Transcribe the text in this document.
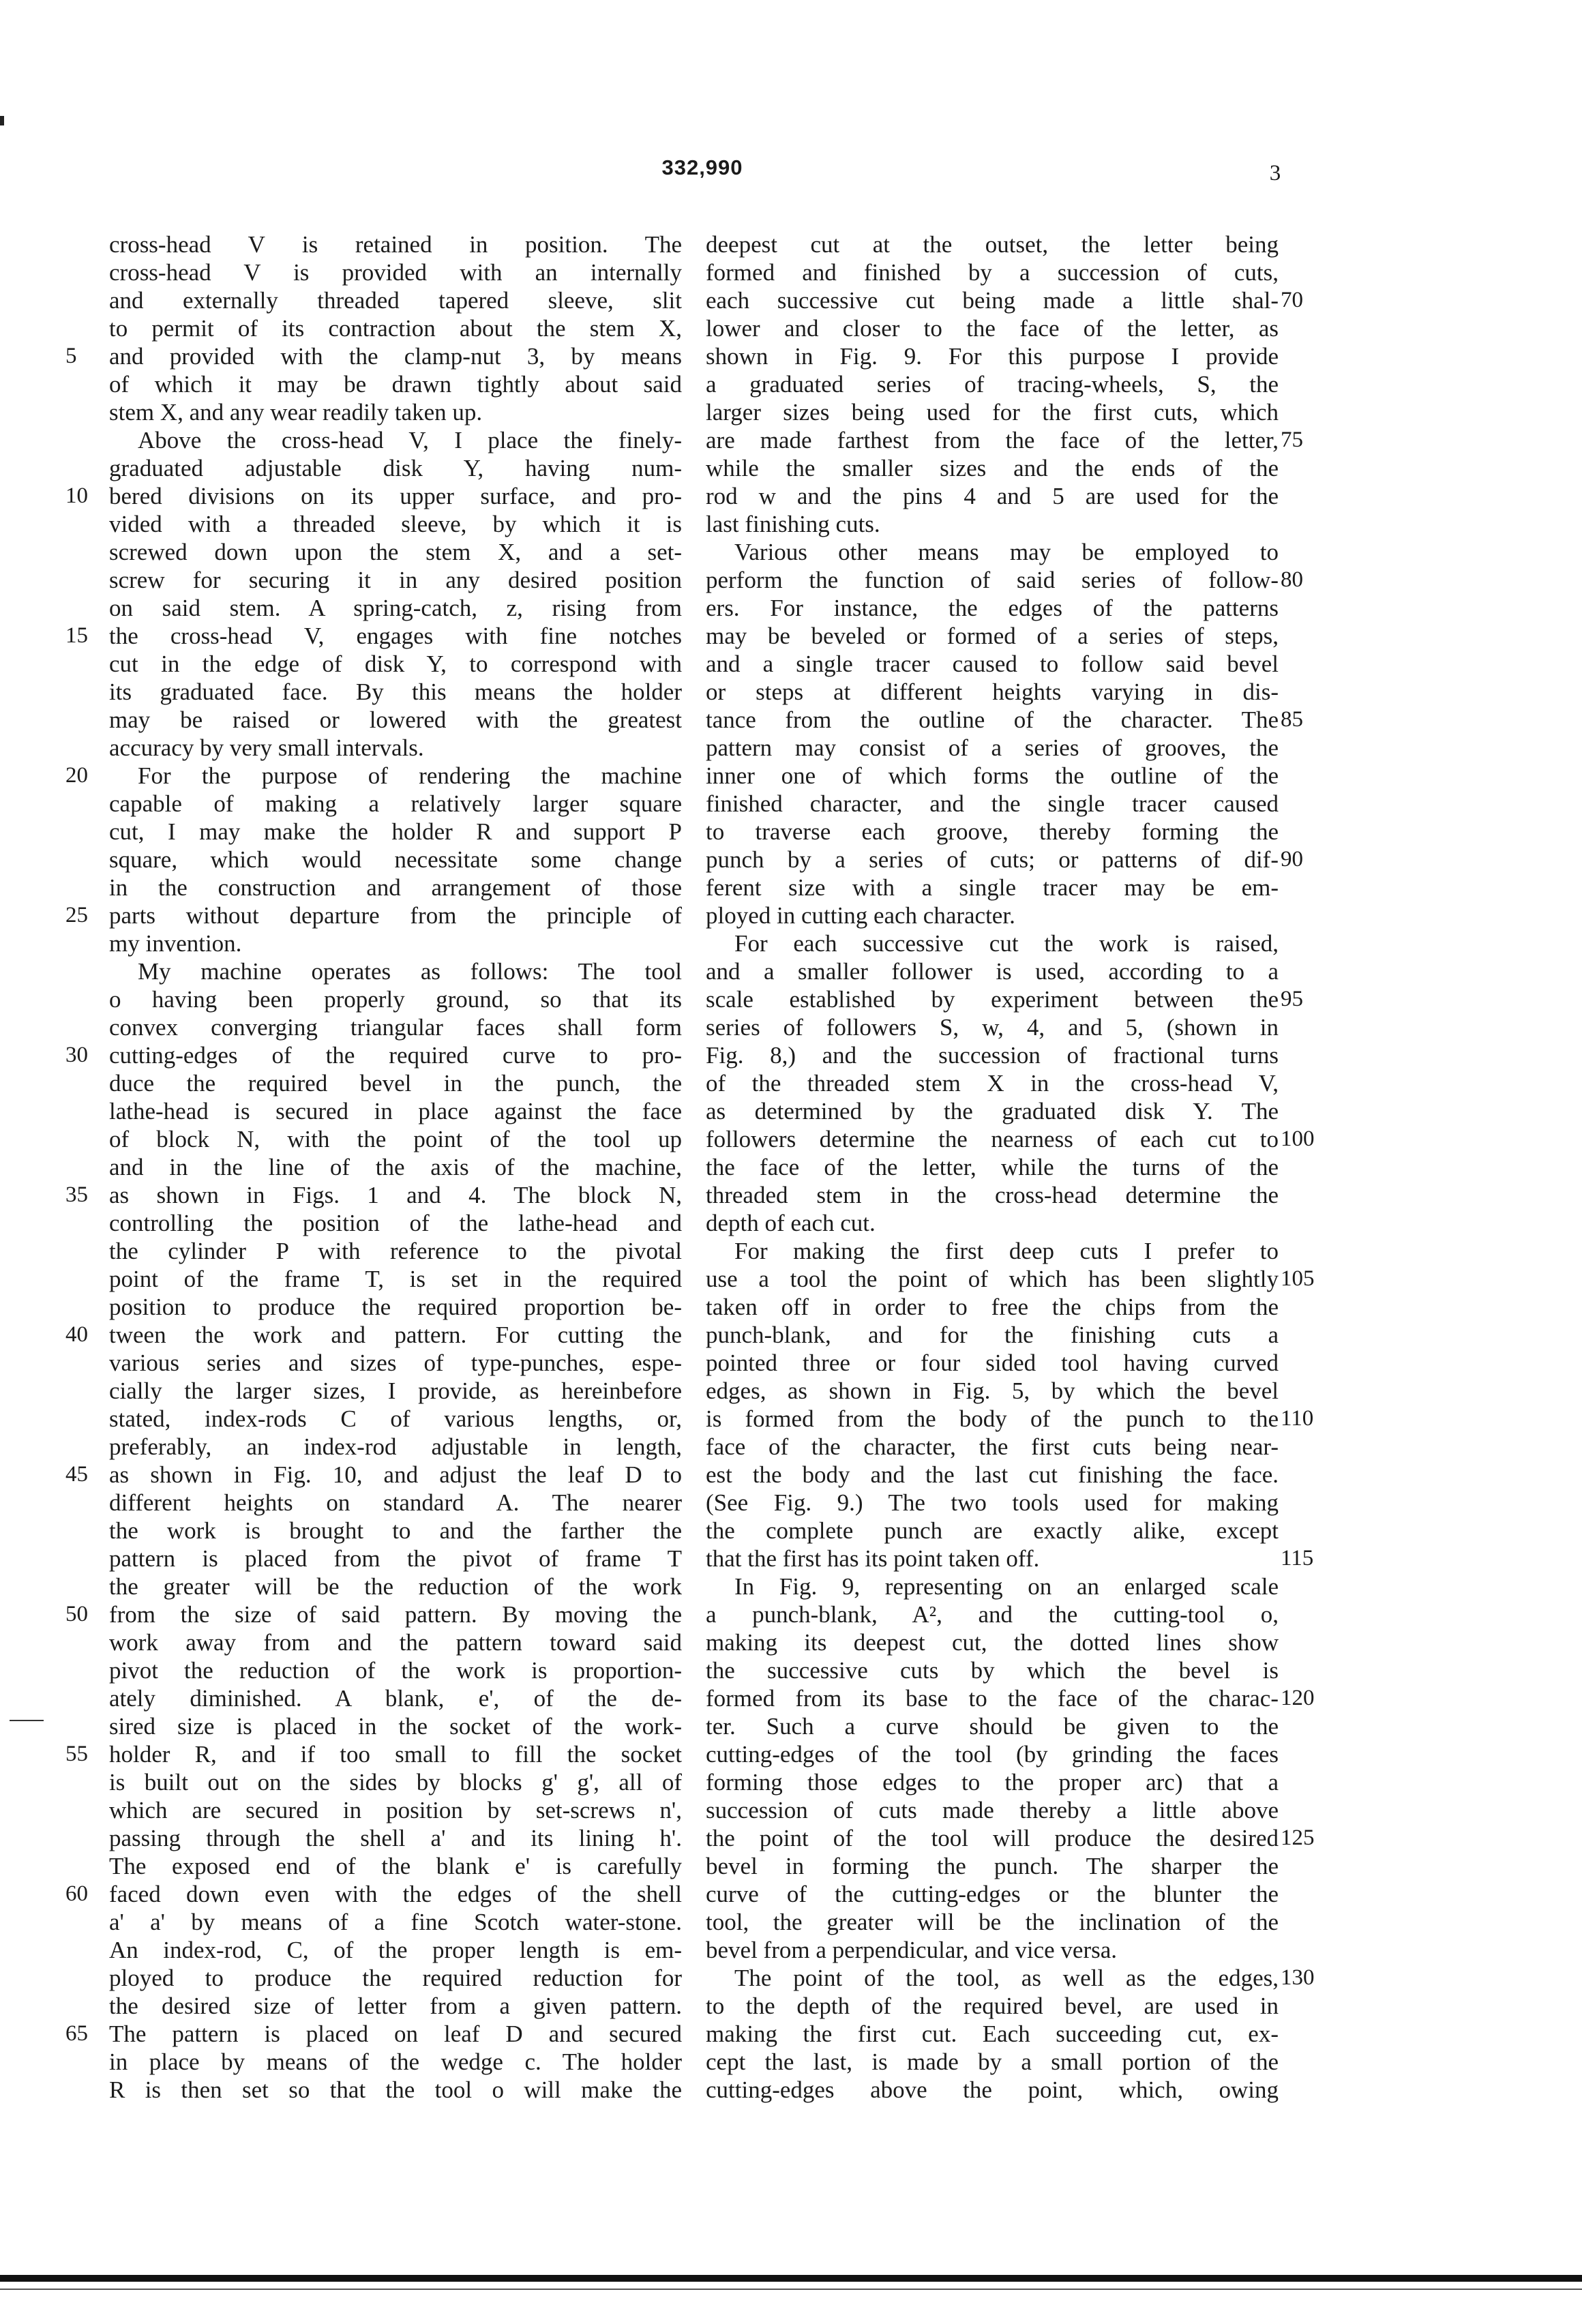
332,990	3
cross-head V is retained in position. The
cross-head V is provided with an internally
and externally threaded tapered sleeve, slit
to permit of its contraction about the stem X,
and provided with the clamp-nut 3, by means
of which it may be drawn tightly about said
stem X, and any wear readily taken up.
Above the cross-head V, I place the finely-
graduated adjustable disk Y, having num-
bered divisions on its upper surface, and pro-
vided with a threaded sleeve, by which it is
screwed down upon the stem X, and a set-
screw for securing it in any desired position
on said stem. A spring-catch, z, rising from
the cross-head V, engages with fine notches
cut in the edge of disk Y, to correspond with
its graduated face. By this means the holder
may be raised or lowered with the greatest
accuracy by very small intervals.
For the purpose of rendering the machine
capable of making a relatively larger square
cut, I may make the holder R and support P
square, which would necessitate some change
in the construction and arrangement of those
parts without departure from the principle of
my invention.
My machine operates as follows: The tool
o having been properly ground, so that its
convex converging triangular faces shall form
cutting-edges of the required curve to pro-
duce the required bevel in the punch, the
lathe-head is secured in place against the face
of block N, with the point of the tool up
and in the line of the axis of the machine,
as shown in Figs. 1 and 4. The block N,
controlling the position of the lathe-head and
the cylinder P with reference to the pivotal
point of the frame T, is set in the required
position to produce the required proportion be-
tween the work and pattern. For cutting the
various series and sizes of type-punches, espe-
cially the larger sizes, I provide, as hereinbefore
stated, index-rods C of various lengths, or,
preferably, an index-rod adjustable in length,
as shown in Fig. 10, and adjust the leaf D to
different heights on standard A. The nearer
the work is brought to and the farther the
pattern is placed from the pivot of frame T
the greater will be the reduction of the work
from the size of said pattern. By moving the
work away from and the pattern toward said
pivot the reduction of the work is proportion-
ately diminished. A blank, e', of the de-
sired size is placed in the socket of the work-
holder R, and if too small to fill the socket
is built out on the sides by blocks g' g', all of
which are secured in position by set-screws n',
passing through the shell a' and its lining h'.
The exposed end of the blank e' is carefully
faced down even with the edges of the shell
a' a' by means of a fine Scotch water-stone.
An index-rod, C, of the proper length is em-
ployed to produce the required reduction for
the desired size of letter from a given pattern.
The pattern is placed on leaf D and secured
in place by means of the wedge c. The holder
R is then set so that the tool o will make the
deepest cut at the outset, the letter being
formed and finished by a succession of cuts,
each successive cut being made a little shal-
lower and closer to the face of the letter, as
shown in Fig. 9. For this purpose I provide
a graduated series of tracing-wheels, S, the
larger sizes being used for the first cuts, which
are made farthest from the face of the letter,
while the smaller sizes and the ends of the
rod w and the pins 4 and 5 are used for the
last finishing cuts.
Various other means may be employed to
perform the function of said series of follow-
ers. For instance, the edges of the patterns
may be beveled or formed of a series of steps,
and a single tracer caused to follow said bevel
or steps at different heights varying in dis-
tance from the outline of the character. The
pattern may consist of a series of grooves, the
inner one of which forms the outline of the
finished character, and the single tracer caused
to traverse each groove, thereby forming the
punch by a series of cuts; or patterns of dif-
ferent size with a single tracer may be em-
ployed in cutting each character.
For each successive cut the work is raised,
and a smaller follower is used, according to a
scale established by experiment between the
series of followers S, w, 4, and 5, (shown in
Fig. 8,) and the succession of fractional turns
of the threaded stem X in the cross-head V,
as determined by the graduated disk Y. The
followers determine the nearness of each cut to
the face of the letter, while the turns of the
threaded stem in the cross-head determine the
depth of each cut.
For making the first deep cuts I prefer to
use a tool the point of which has been slightly
taken off in order to free the chips from the
punch-blank, and for the finishing cuts a
pointed three or four sided tool having curved
edges, as shown in Fig. 5, by which the bevel
is formed from the body of the punch to the
face of the character, the first cuts being near-
est the body and the last cut finishing the face.
(See Fig. 9.) The two tools used for making
the complete punch are exactly alike, except
that the first has its point taken off.
In Fig. 9, representing on an enlarged scale
a punch-blank, A², and the cutting-tool o,
making its deepest cut, the dotted lines show
the successive cuts by which the bevel is
formed from its base to the face of the charac-
ter. Such a curve should be given to the
cutting-edges of the tool (by grinding the faces
forming those edges to the proper arc) that a
succession of cuts made thereby a little above
the point of the tool will produce the desired
bevel in forming the punch. The sharper the
curve of the cutting-edges or the blunter the
tool, the greater will be the inclination of the
bevel from a perpendicular, and vice versa.
The point of the tool, as well as the edges,
to the depth of the required bevel, are used in
making the first cut. Each succeeding cut, ex-
cept the last, is made by a small portion of the
cutting-edges above the point, which, owing
5
10
15
20
25
30
35
40
45
50
55
60
65
70
75
80
85
90
95
100
105
110
115
120
125
130
